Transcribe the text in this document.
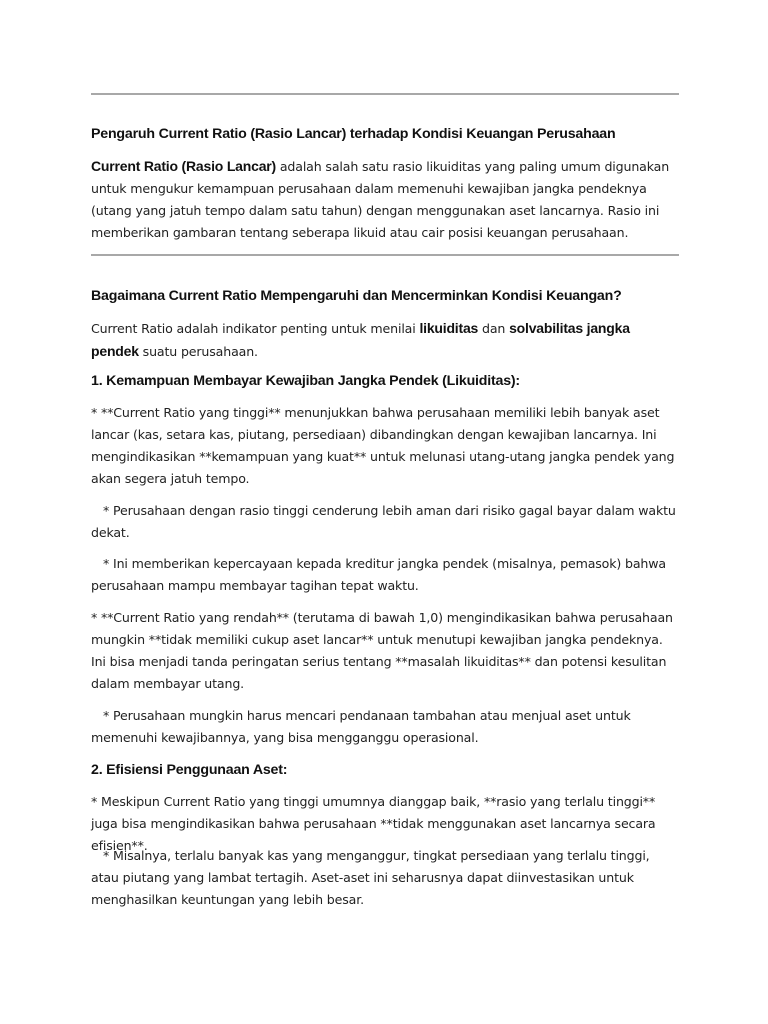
Pengaruh Current Ratio (Rasio Lancar) terhadap Kondisi Keuangan Perusahaan

Current Ratio (Rasio Lancar) adalah salah satu rasio likuiditas yang paling umum digunakan untuk mengukur kemampuan perusahaan dalam memenuhi kewajiban jangka pendeknya (utang yang jatuh tempo dalam satu tahun) dengan menggunakan aset lancarnya. Rasio ini memberikan gambaran tentang seberapa likuid atau cair posisi keuangan perusahaan.

Bagaimana Current Ratio Mempengaruhi dan Mencerminkan Kondisi Keuangan?

Current Ratio adalah indikator penting untuk menilai likuiditas dan solvabilitas jangka pendek suatu perusahaan.

1. Kemampuan Membayar Kewajiban Jangka Pendek (Likuiditas):

* **Current Ratio yang tinggi** menunjukkan bahwa perusahaan memiliki lebih banyak aset lancar (kas, setara kas, piutang, persediaan) dibandingkan dengan kewajiban lancarnya. Ini mengindikasikan **kemampuan yang kuat** untuk melunasi utang-utang jangka pendek yang akan segera jatuh tempo.

* Perusahaan dengan rasio tinggi cenderung lebih aman dari risiko gagal bayar dalam waktu dekat.

* Ini memberikan kepercayaan kepada kreditur jangka pendek (misalnya, pemasok) bahwa perusahaan mampu membayar tagihan tepat waktu.

* **Current Ratio yang rendah** (terutama di bawah 1,0) mengindikasikan bahwa perusahaan mungkin **tidak memiliki cukup aset lancar** untuk menutupi kewajiban jangka pendeknya. Ini bisa menjadi tanda peringatan serius tentang **masalah likuiditas** dan potensi kesulitan dalam membayar utang.

* Perusahaan mungkin harus mencari pendanaan tambahan atau menjual aset untuk memenuhi kewajibannya, yang bisa mengganggu operasional.

2. Efisiensi Penggunaan Aset:

* Meskipun Current Ratio yang tinggi umumnya dianggap baik, **rasio yang terlalu tinggi** juga bisa mengindikasikan bahwa perusahaan **tidak menggunakan aset lancarnya secara efisien**.

* Misalnya, terlalu banyak kas yang menganggur, tingkat persediaan yang terlalu tinggi, atau piutang yang lambat tertagih. Aset-aset ini seharusnya dapat diinvestasikan untuk menghasilkan keuntungan yang lebih besar.
